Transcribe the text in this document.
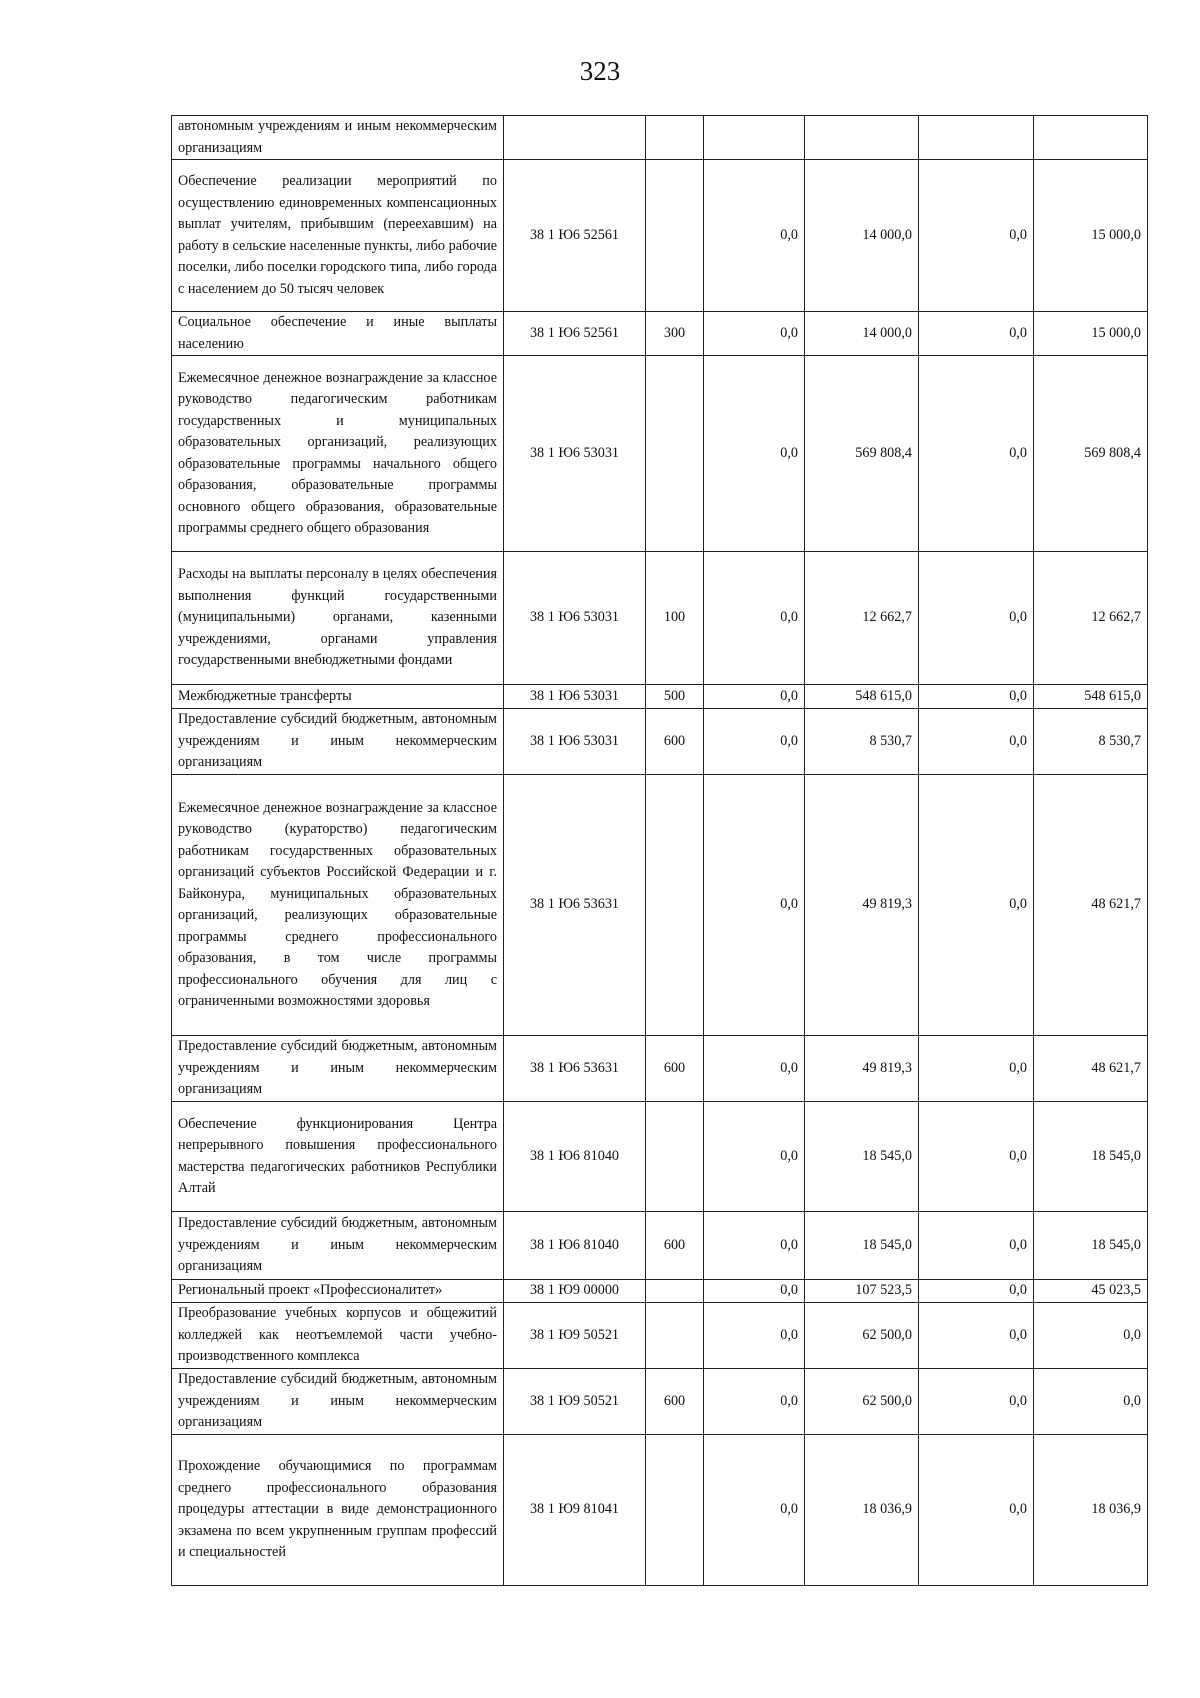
323
автономным учреждениям и иным некоммерческим организациям						
Обеспечение реализации мероприятий по осуществлению единовременных компенсационных выплат учителям, прибывшим (переехавшим) на работу в сельские населенные пункты, либо рабочие поселки, либо поселки городского типа, либо города с населением до 50 тысяч человек	38 1 Ю6 52561		0,0	14 000,0	0,0	15 000,0
Социальное обеспечение и иные выплаты населению	38 1 Ю6 52561	300	0,0	14 000,0	0,0	15 000,0
Ежемесячное денежное вознаграждение за классное руководство педагогическим работникам государственных и муниципальных образовательных организаций, реализующих образовательные программы начального общего образования, образовательные программы основного общего образования, образовательные программы среднего общего образования	38 1 Ю6 53031		0,0	569 808,4	0,0	569 808,4
Расходы на выплаты персоналу в целях обеспечения выполнения функций государственными (муниципальными) органами, казенными учреждениями, органами управления государственными внебюджетными фондами	38 1 Ю6 53031	100	0,0	12 662,7	0,0	12 662,7
Межбюджетные трансферты	38 1 Ю6 53031	500	0,0	548 615,0	0,0	548 615,0
Предоставление субсидий бюджетным, автономным учреждениям и иным некоммерческим организациям	38 1 Ю6 53031	600	0,0	8 530,7	0,0	8 530,7
Ежемесячное денежное вознаграждение за классное руководство (кураторство) педагогическим работникам государственных образовательных организаций субъектов Российской Федерации и г. Байконура, муниципальных образовательных организаций, реализующих образовательные программы среднего профессионального образования, в том числе программы профессионального обучения для лиц с ограниченными возможностями здоровья	38 1 Ю6 53631		0,0	49 819,3	0,0	48 621,7
Предоставление субсидий бюджетным, автономным учреждениям и иным некоммерческим организациям	38 1 Ю6 53631	600	0,0	49 819,3	0,0	48 621,7
Обеспечение функционирования Центра непрерывного повышения профессионального мастерства педагогических работников Республики Алтай	38 1 Ю6 81040		0,0	18 545,0	0,0	18 545,0
Предоставление субсидий бюджетным, автономным учреждениям и иным некоммерческим организациям	38 1 Ю6 81040	600	0,0	18 545,0	0,0	18 545,0
Региональный проект «Профессионалитет»	38 1 Ю9 00000		0,0	107 523,5	0,0	45 023,5
Преобразование учебных корпусов и общежитий колледжей как неотъемлемой части учебно-производственного комплекса	38 1 Ю9 50521		0,0	62 500,0	0,0	0,0
Предоставление субсидий бюджетным, автономным учреждениям и иным некоммерческим организациям	38 1 Ю9 50521	600	0,0	62 500,0	0,0	0,0
Прохождение обучающимися по программам среднего профессионального образования процедуры аттестации в виде демонстрационного экзамена по всем укрупненным группам профессий и специальностей	38 1 Ю9 81041		0,0	18 036,9	0,0	18 036,9
